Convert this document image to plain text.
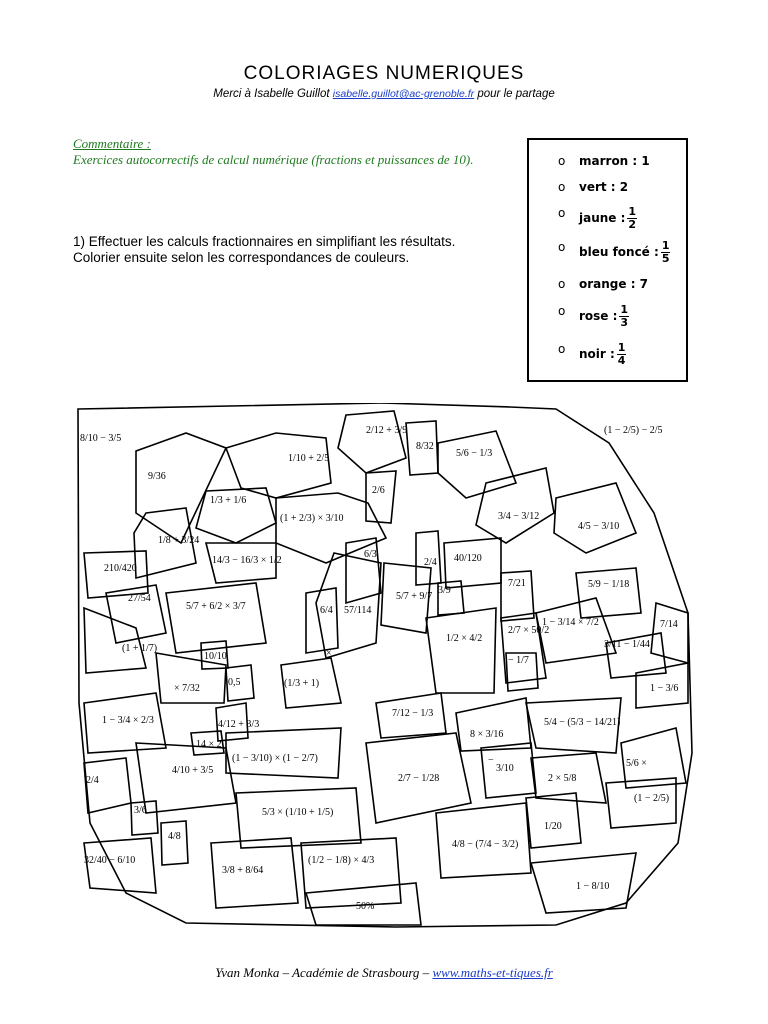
COLORIAGES NUMERIQUES
Merci à Isabelle Guillot isabelle.guillot@ac-grenoble.fr pour le partage
Commentaire :
Exercices autocorrectifs de calcul numérique (fractions et puissances de 10).
1) Effectuer les calculs fractionnaires en simplifiant les résultats.
Colorier ensuite selon les correspondances de couleurs.
o marron : 1
o vert : 2
o jaune : $\frac{1}{2}$
o bleu foncé : $\frac{1}{5}$
o orange : 7
o rose : $\frac{1}{3}$
o noir : $\frac{1}{4}$
8/10 − 3/5
9/36
1/10 + 2/5
2/12 + 3/9
8/32
5/6 − 1/3
(1 − 2/5) − 2/5
1/3 + 1/6
2/6
(1 + 2/3) × 3/10
1/8 + 3/24
3/4 − 3/12
4/5 − 3/10
14/3 − 16/3 × 1/2
6/3
2/4 40/120
210/420
27/54
57/114
5/7 + 9/7
3/9
7/21	5/9 − 1/18
5/7 + 6/2 × 3/7	6/4
1/2 × 4/2
2/7 × 50/2
1 − 3/14 × 7/2	7/14
(1 + 1/7)
10/10	×
× 7/32
0,5	(1/3 + 1)
− 1/7
3/11 − 1/44
1 − 3/6
1 − 3/4 × 2/3	4/12 + 3/3
7/12 − 1/3
8 × 3/16
5/4 − (5/3 − 14/21)
14 × 2
(1 − 3/10) × (1 − 2/7)	5/6 ×
2/4
4/10 + 3/5
2/7 − 1/28
3/10
2 × 5/8
(1 − 2/5)
3/6	5/3 × (1/10 + 1/5)
1/20
4/8
4/8 − (7/4 − 3/2)
32/40 − 6/10
3/8 + 8/64
(1/2 − 1/8) × 4/3
1 − 8/10
50%
−
Yvan Monka – Académie de Strasbourg – www.maths-et-tiques.fr
